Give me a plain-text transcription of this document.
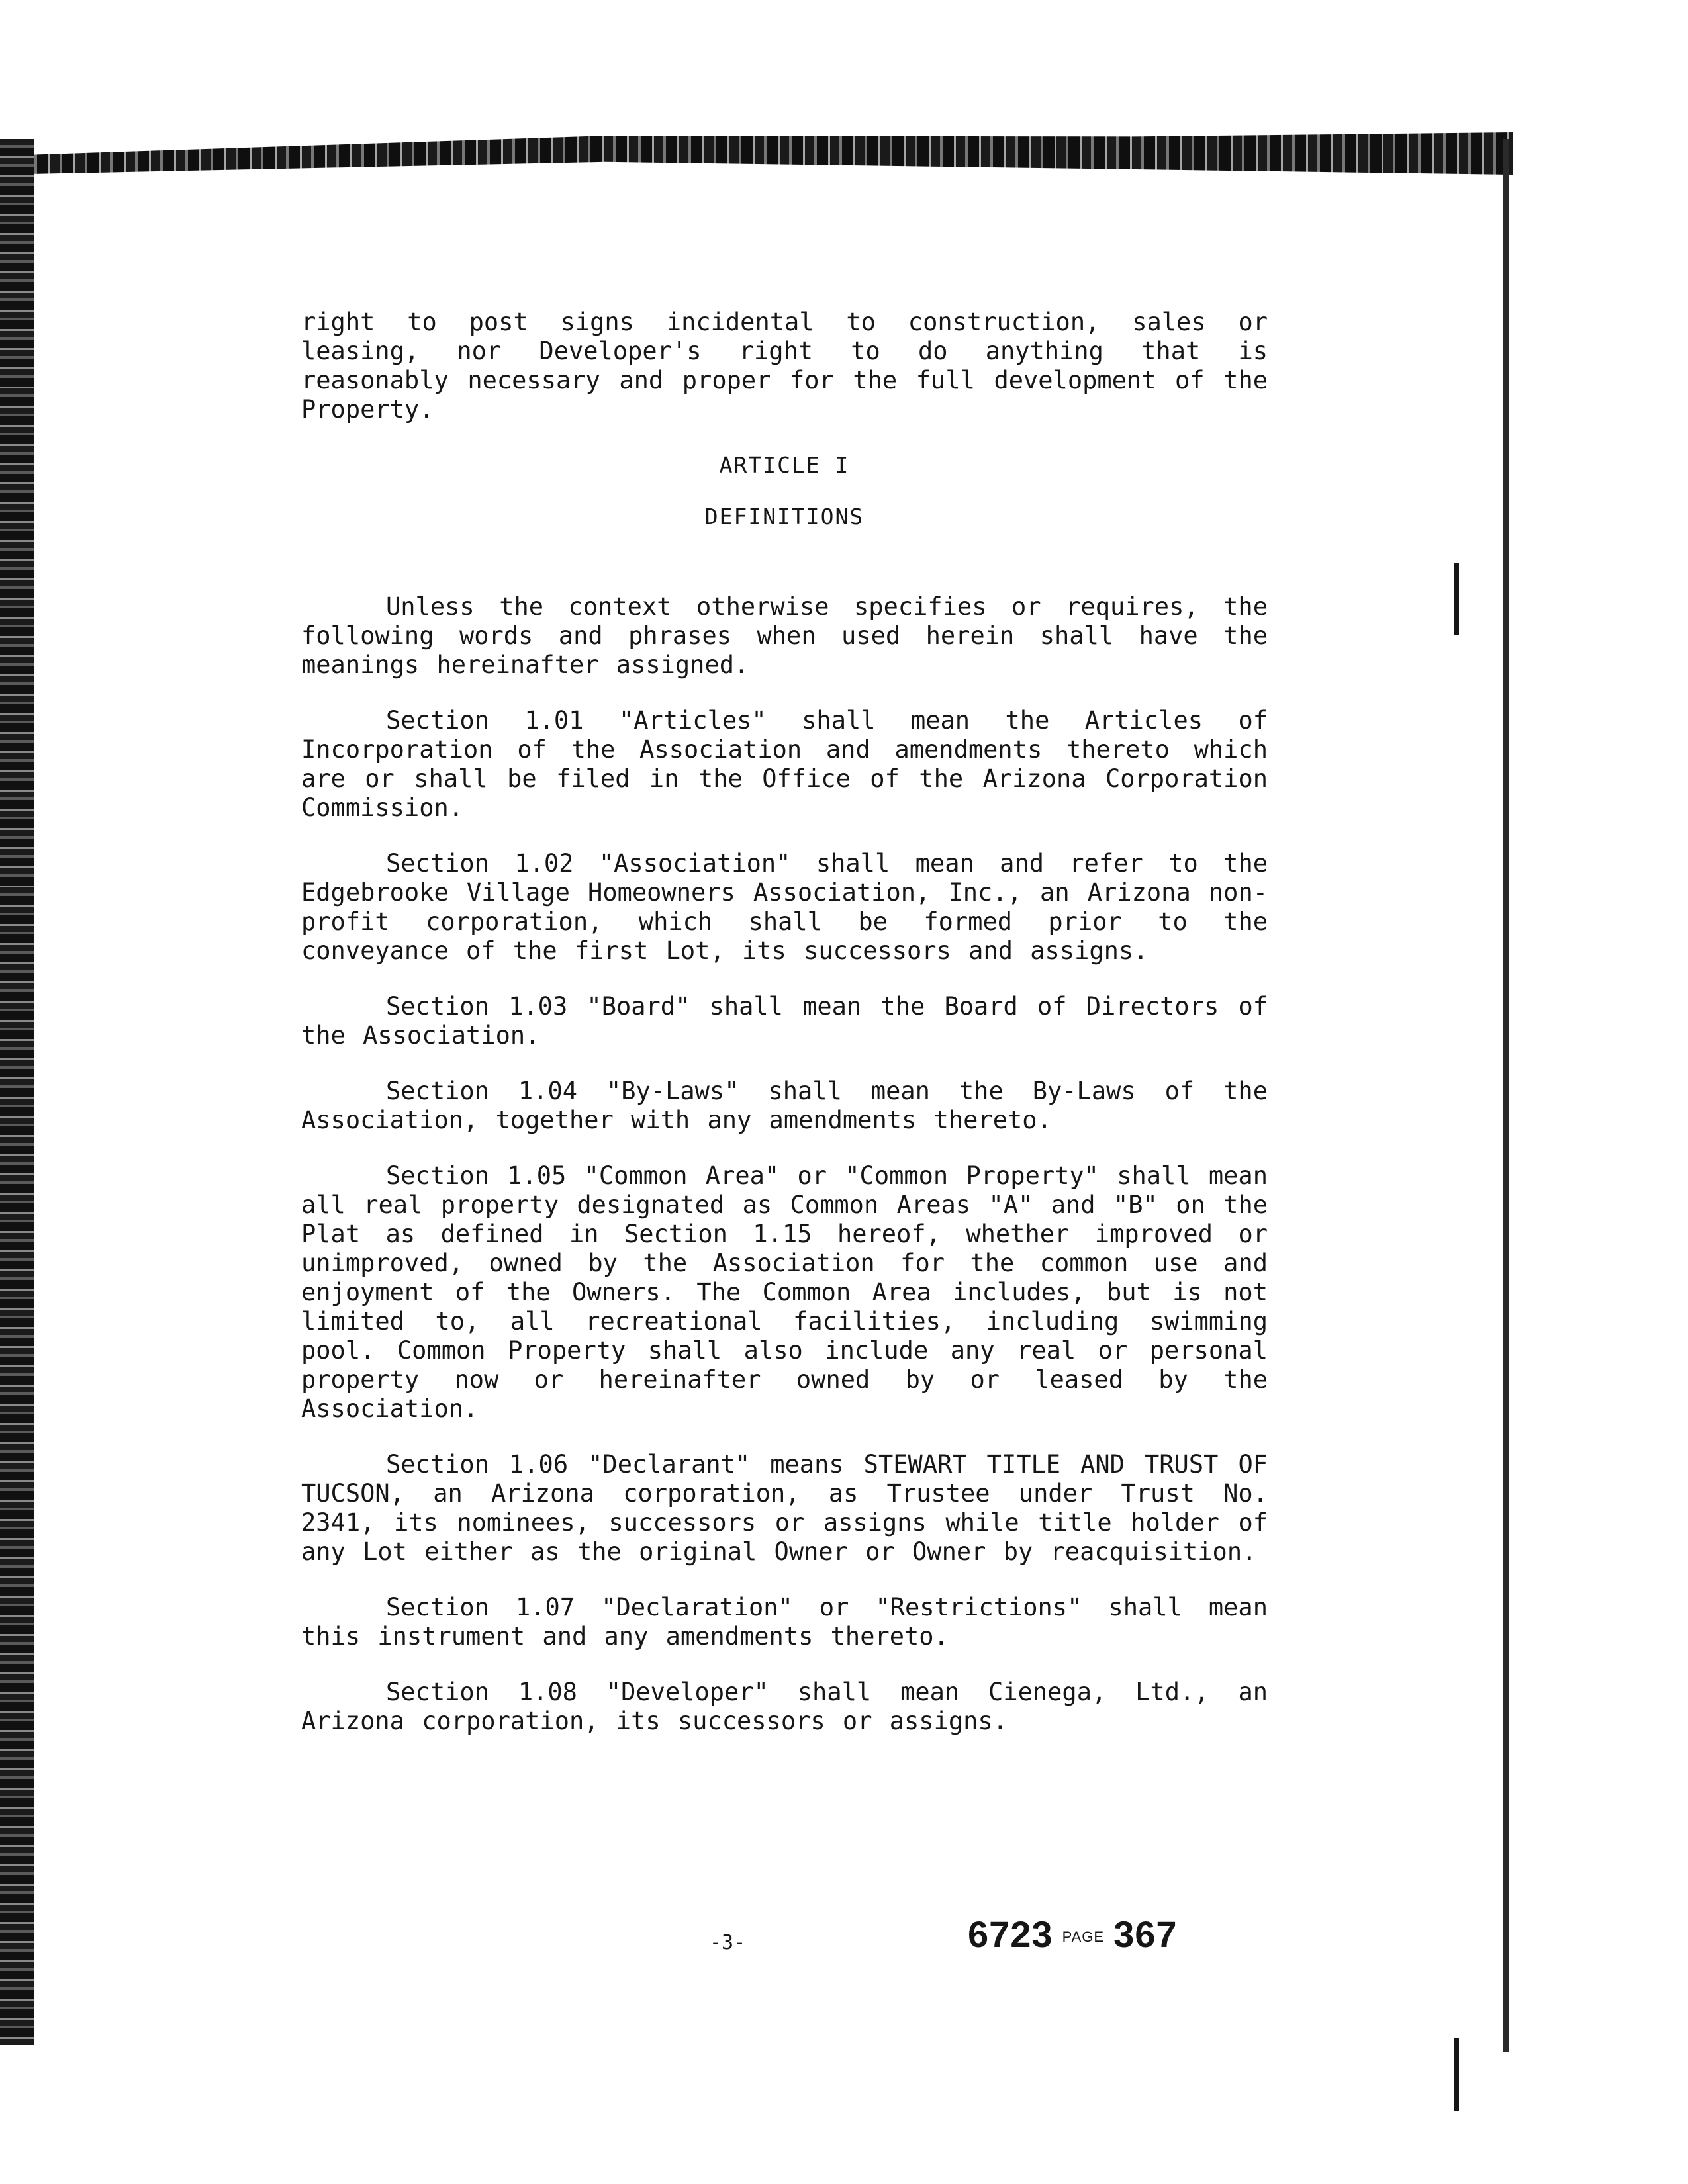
right to post signs incidental to construction, sales or leasing, nor Developer's right to do anything that is reasonably necessary and proper for the full development of the Property.

ARTICLE I
DEFINITIONS

Unless the context otherwise specifies or requires, the following words and phrases when used herein shall have the meanings hereinafter assigned.

Section 1.01 "Articles" shall mean the Articles of Incorporation of the Association and amendments thereto which are or shall be filed in the Office of the Arizona Corporation Commission.

Section 1.02 "Association" shall mean and refer to the Edgebrooke Village Homeowners Association, Inc., an Arizona non-profit corporation, which shall be formed prior to the conveyance of the first Lot, its successors and assigns.

Section 1.03 "Board" shall mean the Board of Directors of the Association.

Section 1.04 "By-Laws" shall mean the By-Laws of the Association, together with any amendments thereto.

Section 1.05 "Common Area" or "Common Property" shall mean all real property designated as Common Areas "A" and "B" on the Plat as defined in Section 1.15 hereof, whether improved or unimproved, owned by the Association for the common use and enjoyment of the Owners. The Common Area includes, but is not limited to, all recreational facilities, including swimming pool. Common Property shall also include any real or personal property now or hereinafter owned by or leased by the Association.

Section 1.06 "Declarant" means STEWART TITLE AND TRUST OF TUCSON, an Arizona corporation, as Trustee under Trust No. 2341, its nominees, successors or assigns while title holder of any Lot either as the original Owner or Owner by reacquisition.

Section 1.07 "Declaration" or "Restrictions" shall mean this instrument and any amendments thereto.

Section 1.08 "Developer" shall mean Cienega, Ltd., an Arizona corporation, its successors or assigns.

-3-	6723 PAGE 367
